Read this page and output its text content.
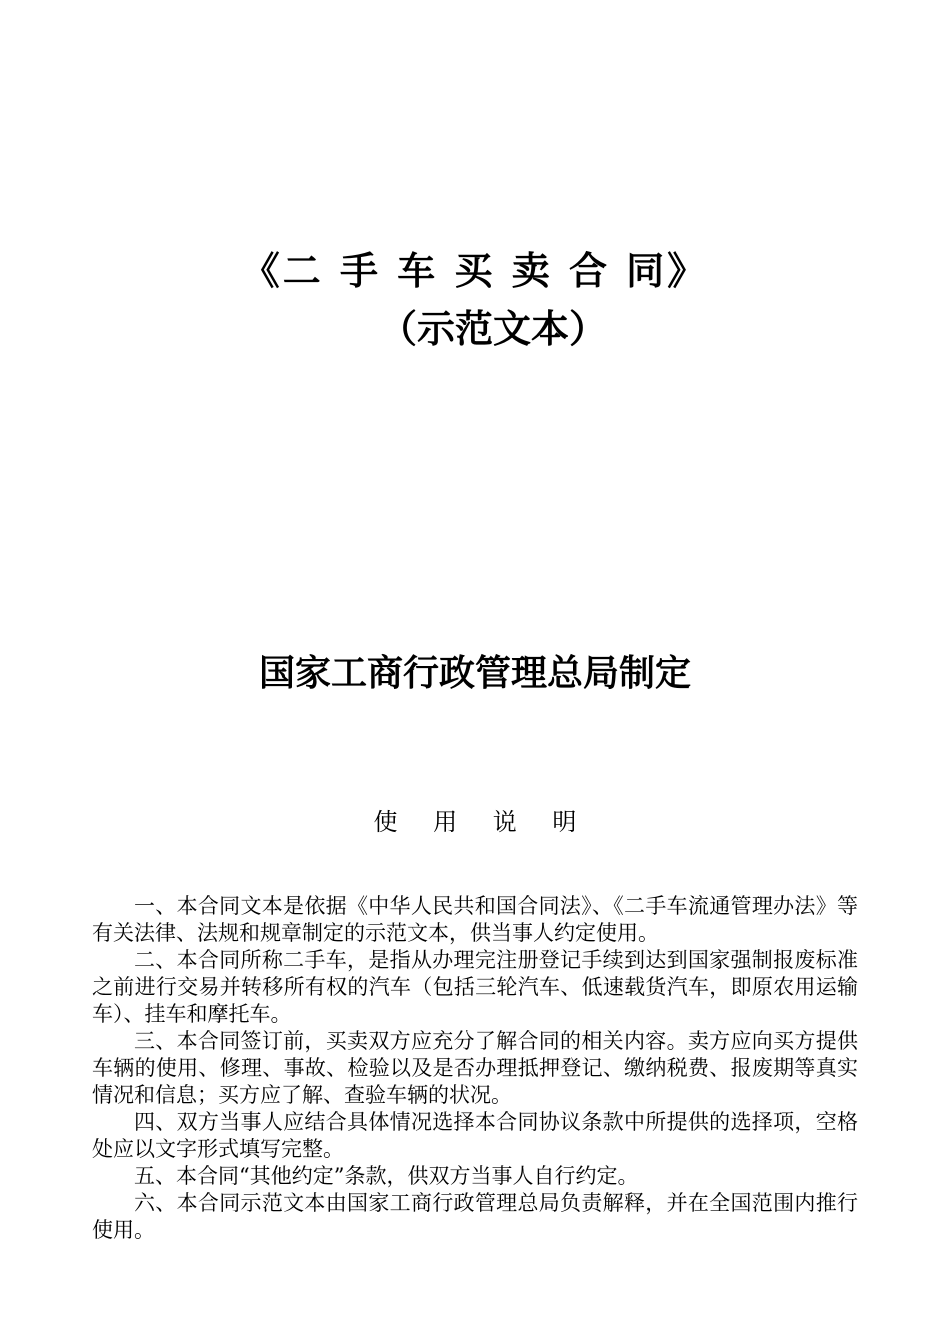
《二 手 车 买 卖 合 同》
（示范文本）
国家工商行政管理总局制定
使 用 说 明

一、本合同文本是依据《中华人民共和国合同法》、《二手车流通管理办法》等有关法律、法规和规章制定的示范文本，供当事人约定使用。

二、本合同所称二手车，是指从办理完注册登记手续到达到国家强制报废标准之前进行交易并转移所有权的汽车（包括三轮汽车、低速载货汽车，即原农用运输车）、挂车和摩托车。

三、本合同签订前，买卖双方应充分了解合同的相关内容。卖方应向买方提供车辆的使用、修理、事故、检验以及是否办理抵押登记、缴纳税费、报废期等真实情况和信息；买方应了解、查验车辆的状况。

四、双方当事人应结合具体情况选择本合同协议条款中所提供的选择项，空格处应以文字形式填写完整。

五、本合同“其他约定”条款，供双方当事人自行约定。

六、本合同示范文本由国家工商行政管理总局负责解释，并在全国范围内推行使用。
